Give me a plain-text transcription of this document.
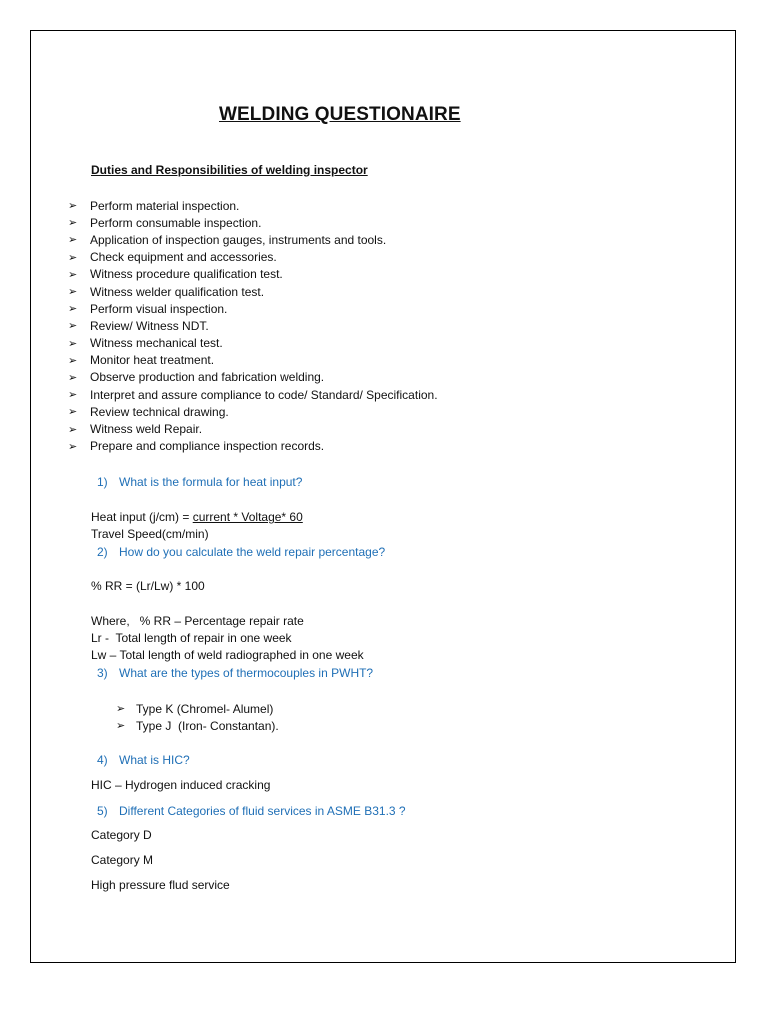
WELDING QUESTIONAIRE
Duties and Responsibilities of welding inspector
➢	Perform material inspection.
➢	Perform consumable inspection.
➢	Application of inspection gauges, instruments and tools.
➢	Check equipment and accessories.
➢	Witness procedure qualification test.
➢	Witness welder qualification test.
➢	Perform visual inspection.
➢	Review/ Witness NDT.
➢	Witness mechanical test.
➢	Monitor heat treatment.
➢	Observe production and fabrication welding.
➢	Interpret and assure compliance to code/ Standard/ Specification.
➢	Review technical drawing.
➢	Witness weld Repair.
➢	Prepare and compliance inspection records.
1) What is the formula for heat input?
Heat input (j/cm) = current * Voltage* 60
Travel Speed(cm/min)
2) How do you calculate the weld repair percentage?
% RR = (Lr/Lw) * 100
Where,   % RR – Percentage repair rate
Lr -  Total length of repair in one week
Lw – Total length of weld radiographed in one week
3) What are the types of thermocouples in PWHT?
➢ Type K (Chromel- Alumel)
➢ Type J  (Iron- Constantan).
4) What is HIC?
HIC – Hydrogen induced cracking
5) Different Categories of fluid services in ASME B31.3 ?
Category D
Category M
High pressure flud service
